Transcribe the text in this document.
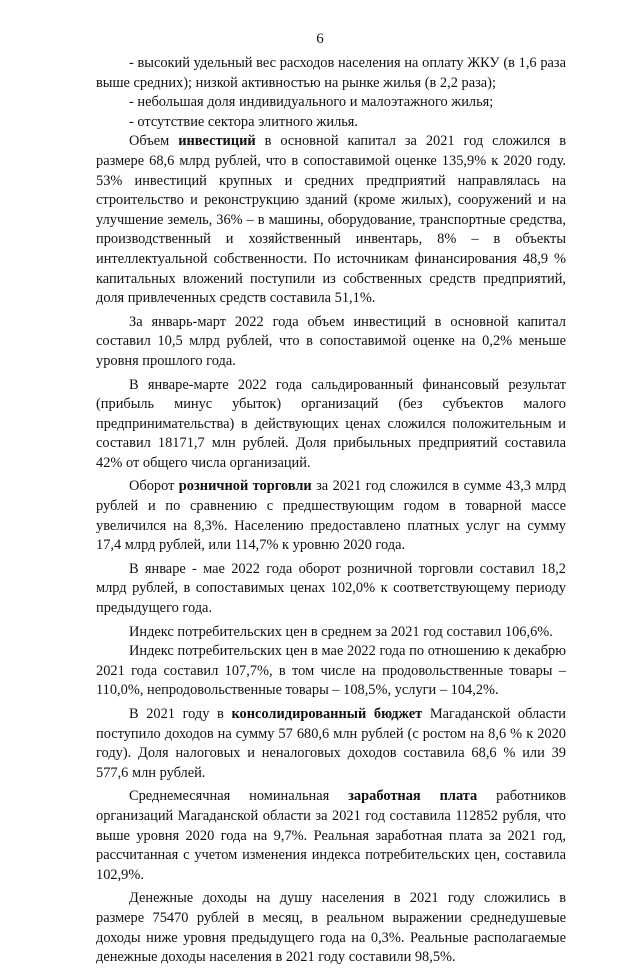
6

- высокий удельный вес расходов населения на оплату ЖКУ (в 1,6 раза выше средних); низкой активностью на рынке жилья (в 2,2 раза);

- небольшая доля индивидуального и малоэтажного жилья;

- отсутствие сектора элитного жилья.

Объем инвестиций в основной капитал за 2021 год сложился в размере 68,6 млрд рублей, что в сопоставимой оценке 135,9% к 2020 году. 53% инвестиций крупных и средних предприятий направлялась на строительство и реконструкцию зданий (кроме жилых), сооружений и на улучшение земель, 36% – в машины, оборудование, транспортные средства, производственный и хозяйственный инвентарь, 8% – в объекты интеллектуальной собственности. По источникам финансирования 48,9 % капитальных вложений поступили из собственных средств предприятий, доля привлеченных средств составила 51,1%.

За январь-март 2022 года объем инвестиций в основной капитал составил 10,5 млрд рублей, что в сопоставимой оценке на 0,2% меньше уровня прошлого года.

В январе-марте 2022 года сальдированный финансовый результат (прибыль минус убыток) организаций (без субъектов малого предпринимательства) в действующих ценах сложился положительным и составил 18171,7 млн рублей. Доля прибыльных предприятий составила 42% от общего числа организаций.

Оборот розничной торговли за 2021 год сложился в сумме 43,3 млрд рублей и по сравнению с предшествующим годом в товарной массе увеличился на 8,3%. Населению предоставлено платных услуг на сумму 17,4 млрд рублей, или 114,7% к уровню 2020 года.

В январе - мае 2022 года оборот розничной торговли составил 18,2 млрд рублей, в сопоставимых ценах 102,0% к соответствующему периоду предыдущего года.

Индекс потребительских цен в среднем за 2021 год составил 106,6%.

Индекс потребительских цен в мае 2022 года по отношению к декабрю 2021 года составил 107,7%, в том числе на продовольственные товары – 110,0%, непродовольственные товары – 108,5%, услуги – 104,2%.

В 2021 году в консолидированный бюджет Магаданской области поступило доходов на сумму 57 680,6 млн рублей (с ростом на 8,6 % к 2020 году). Доля налоговых и неналоговых доходов составила 68,6 % или 39 577,6 млн рублей.

Среднемесячная номинальная заработная плата работников организаций Магаданской области за 2021 год составила 112852 рубля, что выше уровня 2020 года на 9,7%. Реальная заработная плата за 2021 год, рассчитанная с учетом изменения индекса потребительских цен, составила 102,9%.

Денежные доходы на душу населения в 2021 году сложились в размере 75470 рублей в месяц, в реальном выражении среднедушевые доходы ниже уровня предыдущего года на 0,3%. Реальные располагаемые денежные доходы населения в 2021 году составили 98,5%.
